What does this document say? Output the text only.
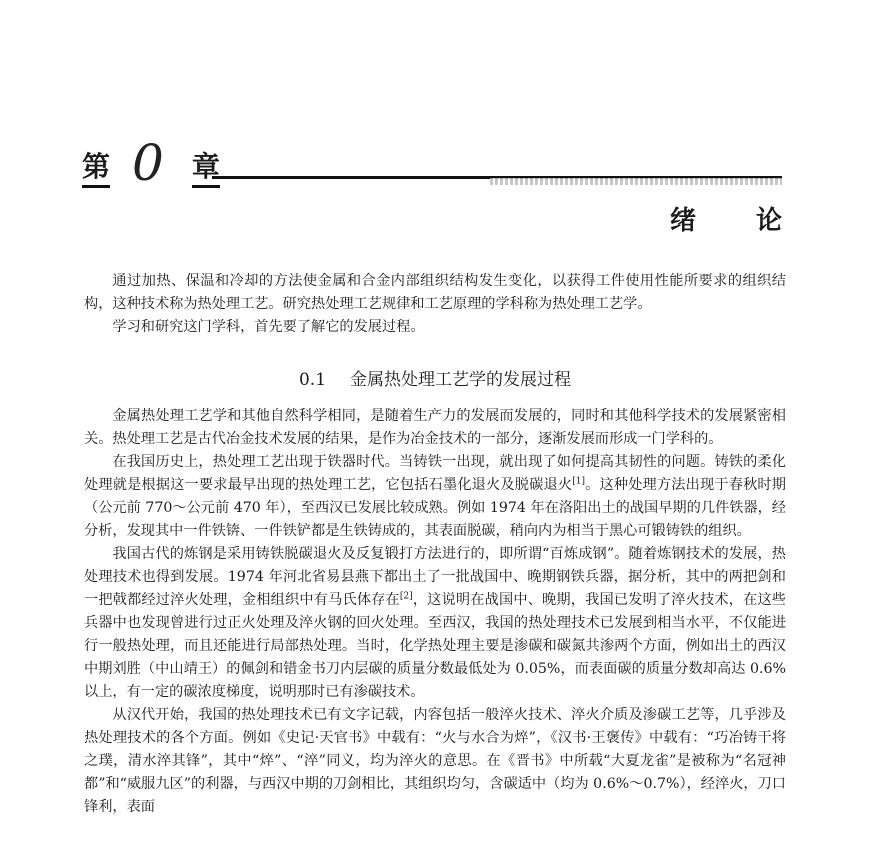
第 0 章
绪论

通过加热、保温和冷却的方法使金属和合金内部组织结构发生变化，以获得工件使用性能所要求的组织结构，这种技术称为热处理工艺。研究热处理工艺规律和工艺原理的学科称为热处理工艺学。

学习和研究这门学科，首先要了解它的发展过程。

0.1 金属热处理工艺学的发展过程

金属热处理工艺学和其他自然科学相同，是随着生产力的发展而发展的，同时和其他科学技术的发展紧密相关。热处理工艺是古代冶金技术发展的结果，是作为冶金技术的一部分，逐渐发展而形成一门学科的。

在我国历史上，热处理工艺出现于铁器时代。当铸铁一出现，就出现了如何提高其韧性的问题。铸铁的柔化处理就是根据这一要求最早出现的热处理工艺，它包括石墨化退火及脱碳退火[1]。这种处理方法出现于春秋时期（公元前 770～公元前 470 年），至西汉已发展比较成熟。例如 1974 年在洛阳出土的战国早期的几件铁器，经分析，发现其中一件铁锛、一件铁铲都是生铁铸成的，其表面脱碳，稍向内为相当于黑心可锻铸铁的组织。

我国古代的炼钢是采用铸铁脱碳退火及反复锻打方法进行的，即所谓“百炼成钢”。随着炼钢技术的发展，热处理技术也得到发展。1974 年河北省易县燕下都出土了一批战国中、晚期钢铁兵器，据分析，其中的两把剑和一把戟都经过淬火处理，金相组织中有马氏体存在[2]，这说明在战国中、晚期，我国已发明了淬火技术，在这些兵器中也发现曾进行过正火处理及淬火钢的回火处理。至西汉，我国的热处理技术已发展到相当水平，不仅能进行一般热处理，而且还能进行局部热处理。当时，化学热处理主要是渗碳和碳氮共渗两个方面，例如出土的西汉中期刘胜（中山靖王）的佩剑和错金书刀内层碳的质量分数最低处为 0.05%，而表面碳的质量分数却高达 0.6% 以上，有一定的碳浓度梯度，说明那时已有渗碳技术。

从汉代开始，我国的热处理技术已有文字记载，内容包括一般淬火技术、淬火介质及渗碳工艺等，几乎涉及热处理技术的各个方面。例如《史记·天官书》中载有：“火与水合为焠”，《汉书·王褒传》中载有：“巧冶铸干将之璞，清水淬其锋”，其中“焠”、“淬”同义，均为淬火的意思。在《晋书》中所载“大夏龙雀”是被称为“名冠神都”和“威服九区”的利器，与西汉中期的刀剑相比，其组织均匀，含碳适中（均为 0.6%～0.7%），经淬火，刀口锋利，表面
